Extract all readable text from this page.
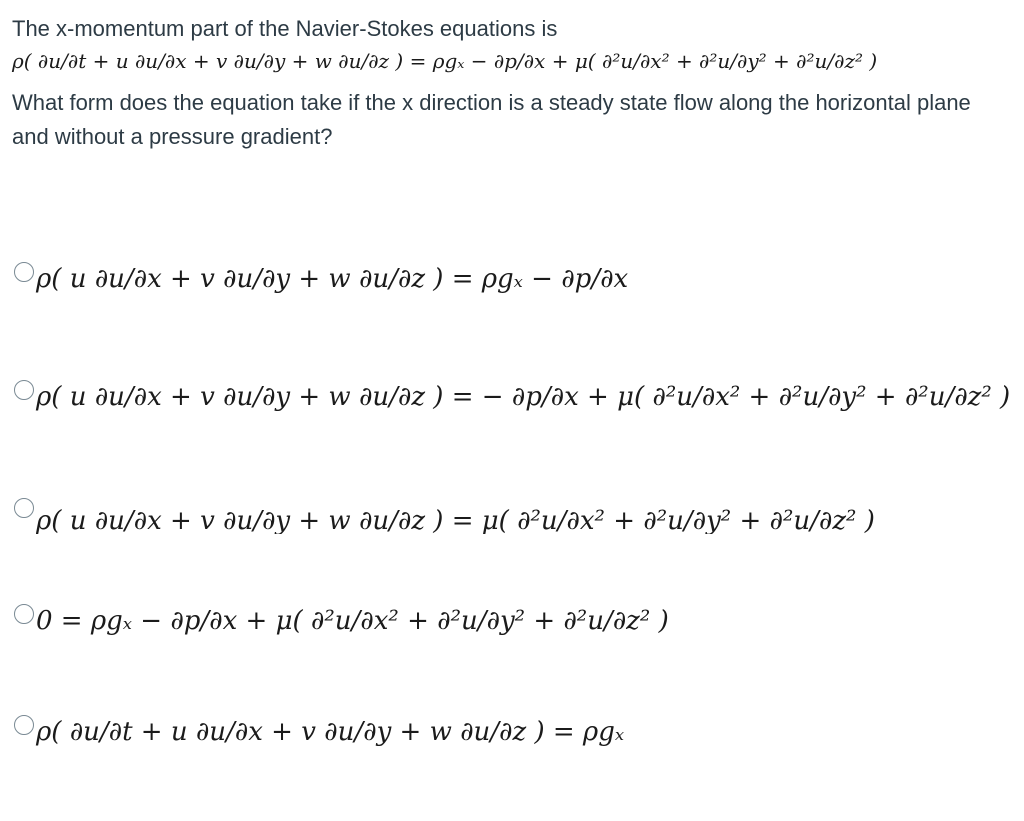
The x-momentum part of the Navier-Stokes equations is

ρ( ∂u/∂t + u ∂u/∂x + v ∂u/∂y + w ∂u/∂z ) = ρgₓ − ∂p/∂x + μ( ∂²u/∂x² + ∂²u/∂y² + ∂²u/∂z² )

What form does the equation take if the x direction is a steady state flow along the horizontal plane and without a pressure gradient?

ρ( u ∂u/∂x + v ∂u/∂y + w ∂u/∂z ) = ρgₓ − ∂p/∂x
ρ( u ∂u/∂x + v ∂u/∂y + w ∂u/∂z ) = − ∂p/∂x + μ( ∂²u/∂x² + ∂²u/∂y² + ∂²u/∂z² )
ρ( u ∂u/∂x + v ∂u/∂y + w ∂u/∂z ) = μ( ∂²u/∂x² + ∂²u/∂y² + ∂²u/∂z² )
0 = ρgₓ − ∂p/∂x + μ( ∂²u/∂x² + ∂²u/∂y² + ∂²u/∂z² )
ρ( ∂u/∂t + u ∂u/∂x + v ∂u/∂y + w ∂u/∂z ) = ρgₓ
